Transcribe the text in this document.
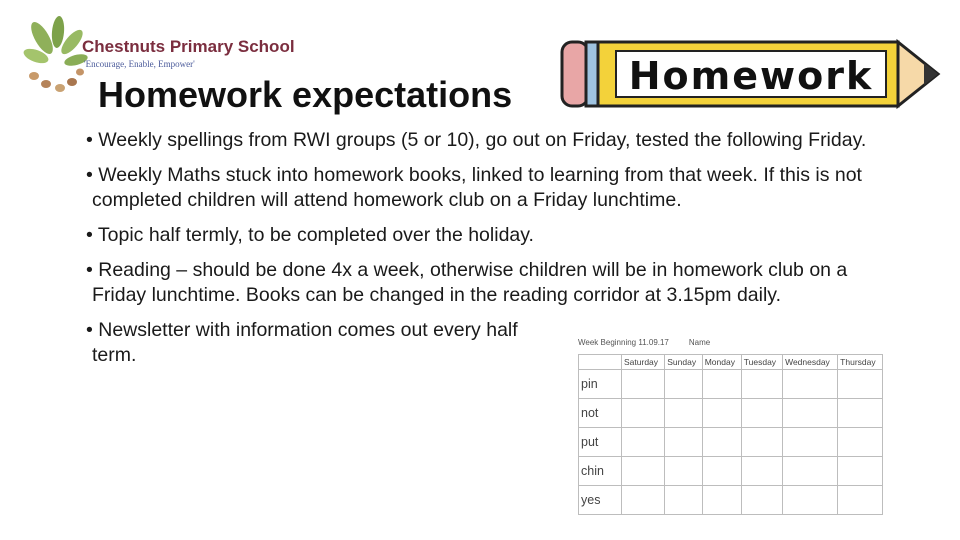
Chestnuts Primary School
'Encourage, Enable, Empower'
Homework expectations	Homework
• Weekly spellings from RWI groups (5 or 10), go out on Friday, tested the following Friday.
• Weekly Maths stuck into homework books, linked to learning from that week. If this is not completed children will attend homework club on a Friday lunchtime.
• Topic half termly, to be completed over the holiday.
• Reading – should be done 4x a week, otherwise children will be in homework club on a Friday lunchtime. Books can be changed in the reading corridor at 3.15pm daily.
• Newsletter with information comes out every half term.
Week Beginning 11.09.17	Name
	Saturday	Sunday	Monday	Tuesday	Wednesday	Thursday
pin						
not						
put						
chin						
yes						
